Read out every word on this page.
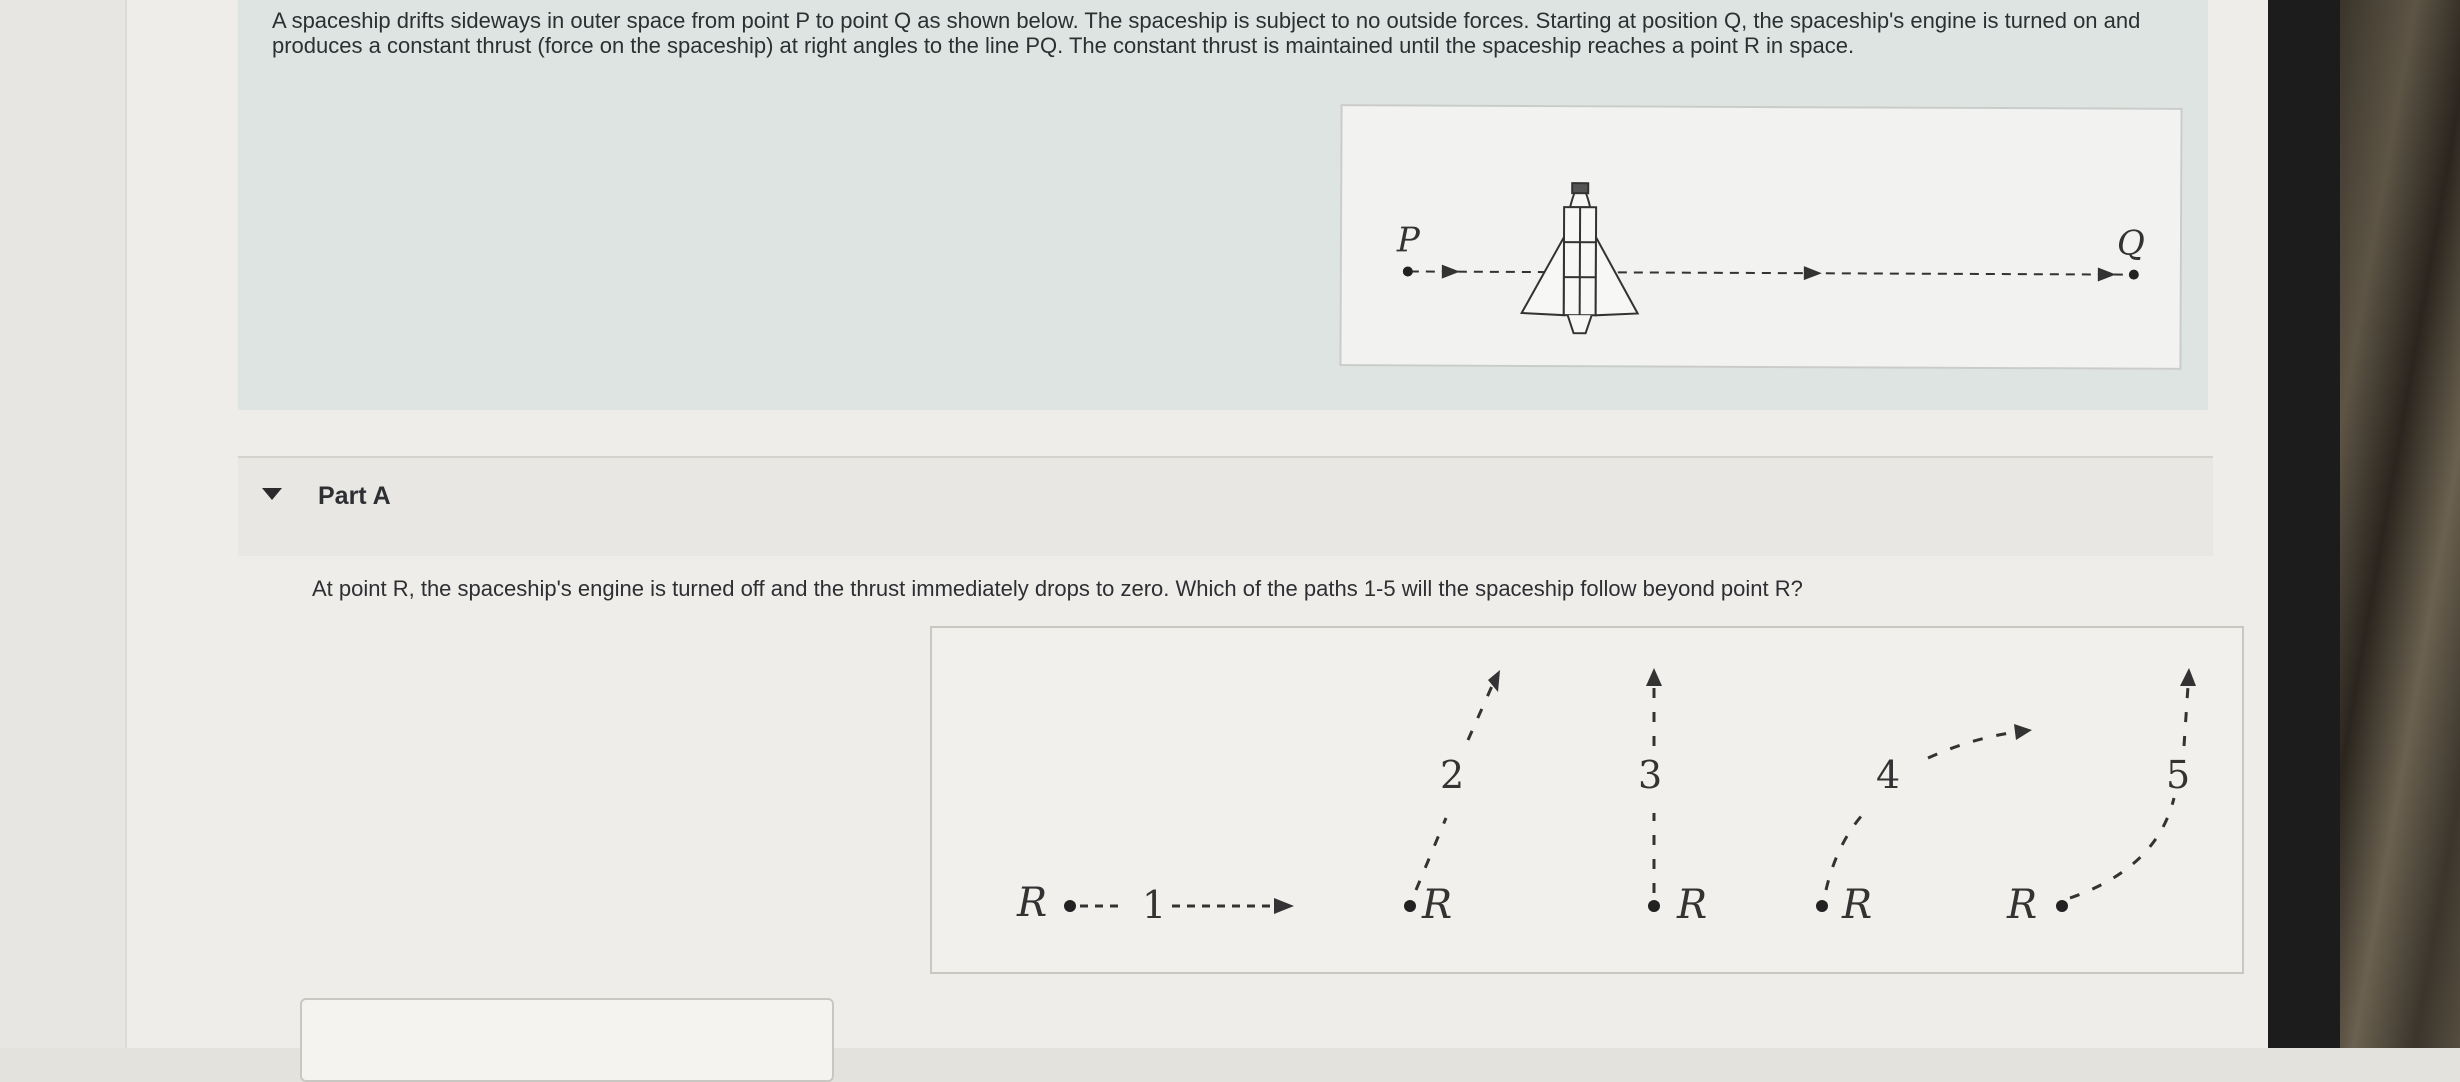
A spaceship drifts sideways in outer space from point P to point Q as shown below. The spaceship is subject to no outside forces. Starting at position Q, the spaceship's engine is turned on and produces a constant thrust (force on the spaceship) at right angles to the line PQ. The constant thrust is maintained until the spaceship reaches a point R in space.
P	Q
Part A
At point R, the spaceship's engine is turned off and the thrust immediately drops to zero. Which of the paths 1-5 will the spaceship follow beyond point R?
R 1	R
2
R
3
R
4
R
5
